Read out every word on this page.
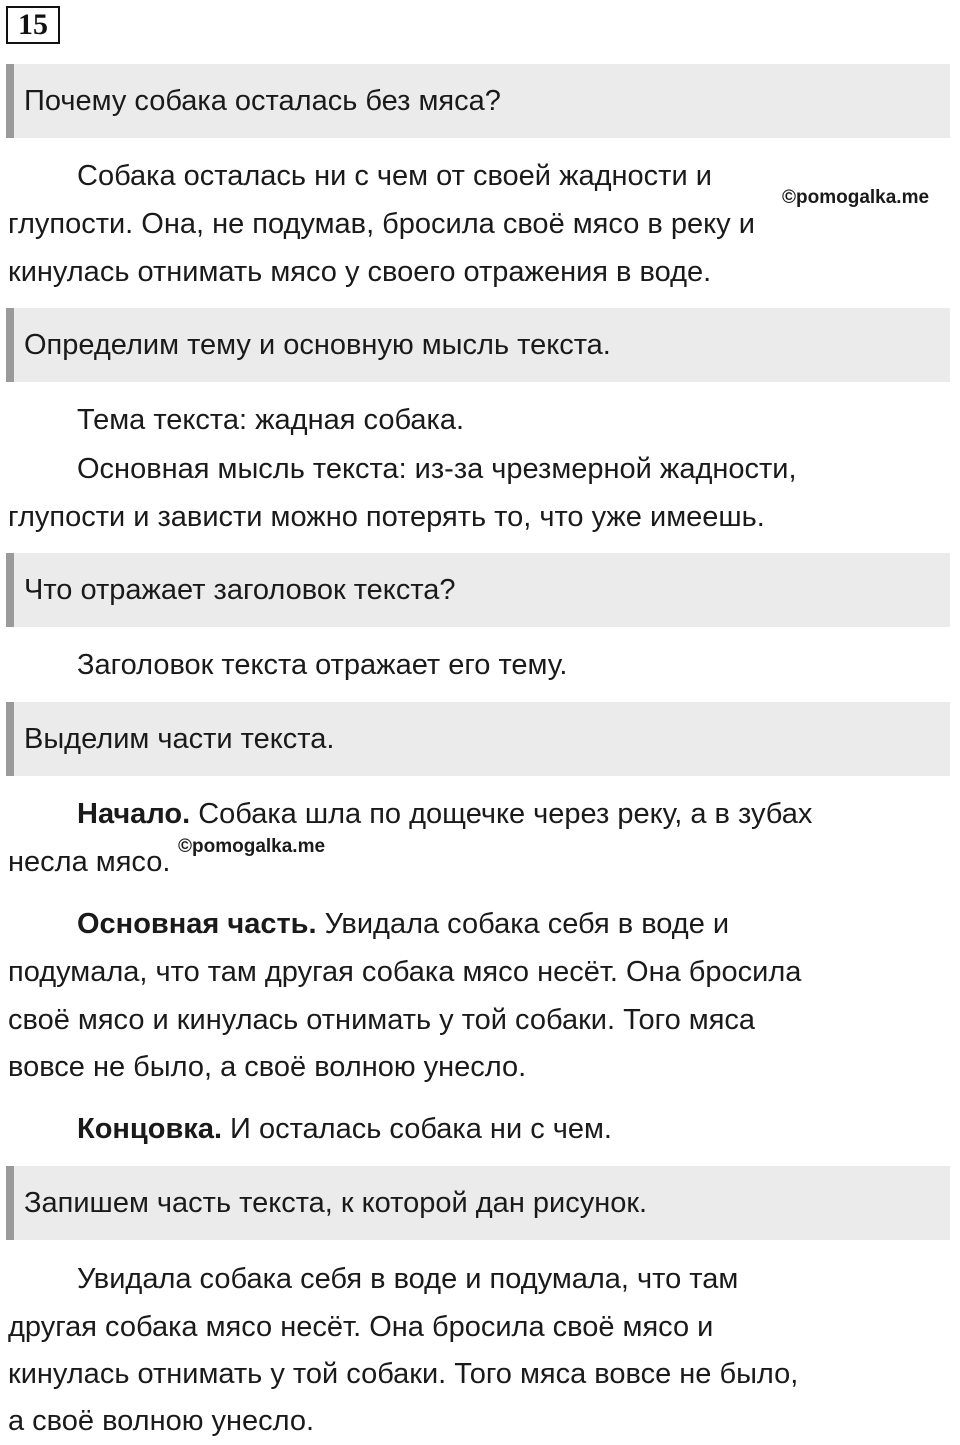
15
Почему собака осталась без мяса?
Собака осталась ни с чем от своей жадности и
©pomogalka.me
глупости. Она, не подумав, бросила своё мясо в реку и
кинулась отнимать мясо у своего отражения в воде.
Определим тему и основную мысль текста.
Тема текста: жадная собака.
Основная мысль текста: из-за чрезмерной жадности,
глупости и зависти можно потерять то, что уже имеешь.
Что отражает заголовок текста?
Заголовок текста отражает его тему.
Выделим части текста.
Начало. Собака шла по дощечке через реку, а в зубах
несла мясо. ©pomogalka.me
Основная часть. Увидала собака себя в воде и
подумала, что там другая собака мясо несёт. Она бросила
своё мясо и кинулась отнимать у той собаки. Того мяса
вовсе не было, а своё волною унесло.
Концовка. И осталась собака ни с чем.
Запишем часть текста, к которой дан рисунок.
Увидала собака себя в воде и подумала, что там
другая собака мясо несёт. Она бросила своё мясо и
кинулась отнимать у той собаки. Того мяса вовсе не было,
а своё волною унесло.
